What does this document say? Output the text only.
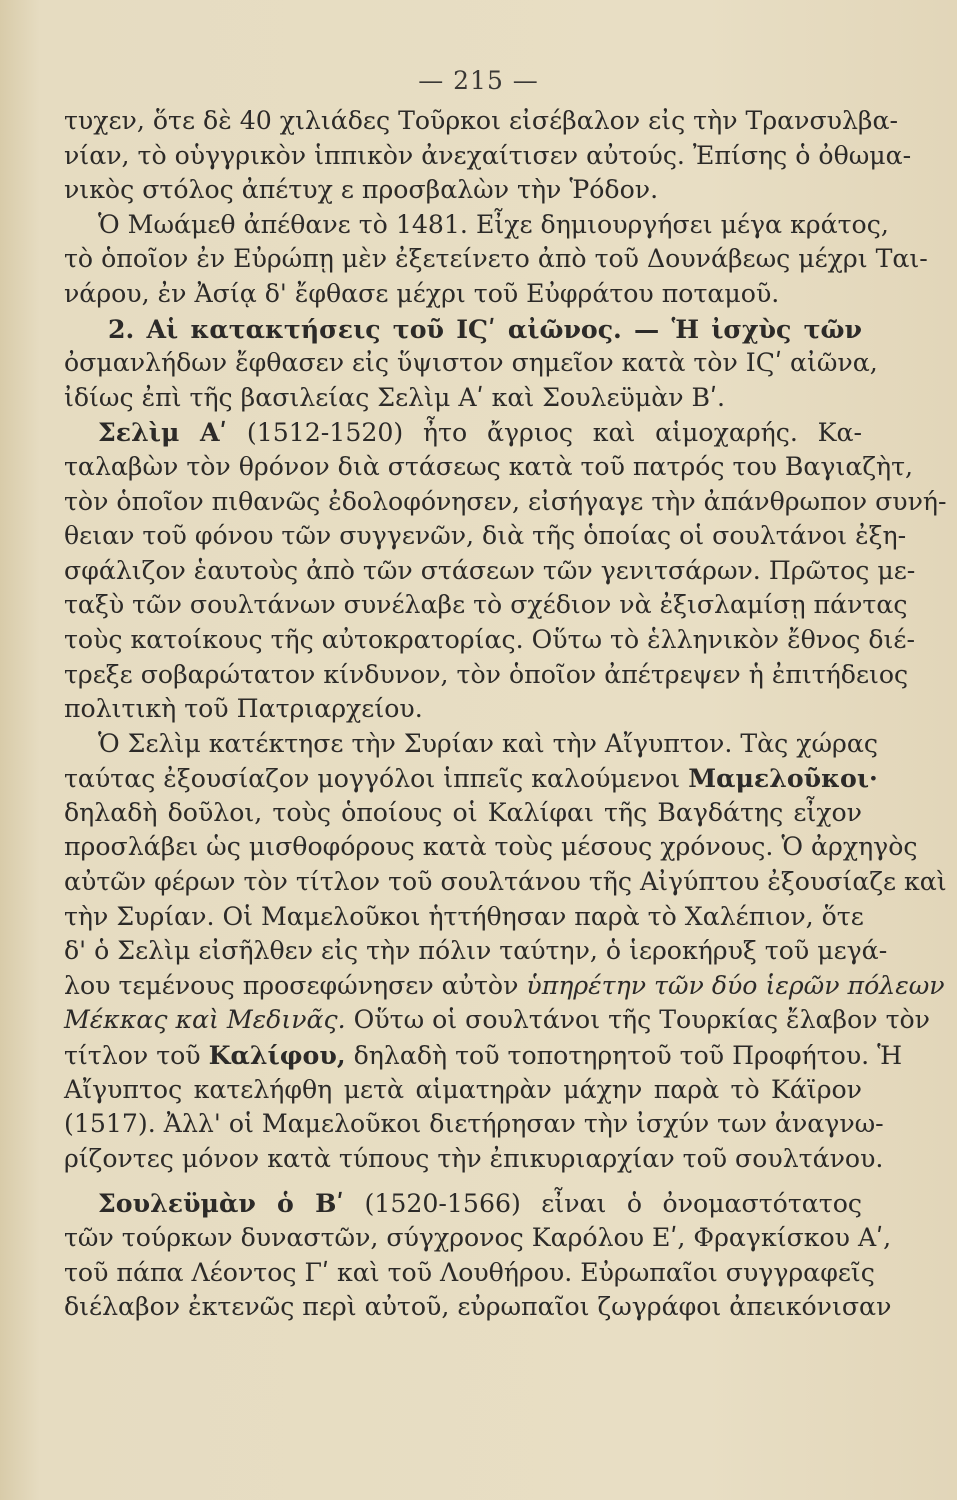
— 215 —
τυχεν, ὅτε δὲ 40 χιλιάδες Τοῦρκοι εἰσέβαλον εἰς τὴν Τρανσυλβα-
νίαν, τὸ οὑγγρικὸν ἱππικὸν ἀνεχαίτισεν αὐτούς. Ἐπίσης ὁ ὀθωμα-
νικὸς στόλος ἀπέτυχ ε προσβαλὼν τὴν Ῥόδον.
Ὁ Μωάμεθ ἀπέθανε τὸ 1481. Εἶχε δημιουργήσει μέγα κράτος,
τὸ ὁποῖον ἐν Εὐρώπῃ μὲν ἐξετείνετο ἀπὸ τοῦ Δουνάβεως μέχρι Ται-
νάρου, ἐν Ἀσίᾳ δ' ἔφθασε μέχρι τοῦ Εὐφράτου ποταμοῦ.
2. Αἱ κατακτήσεις τοῦ ΙϚʹ αἰῶνος. — Ἡ ἰσχὺς τῶν
ὀσμανλήδων ἔφθασεν εἰς ὕψιστον σημεῖον κατὰ τὸν ΙϚʹ αἰῶνα,
ἰδίως ἐπὶ τῆς βασιλείας Σελὶμ Αʹ καὶ Σουλεϋμὰν Βʹ.
Σελὶμ Αʹ (1512-1520) ἦτο ἄγριος καὶ αἱμοχαρής. Κα-
ταλαβὼν τὸν θρόνον διὰ στάσεως κατὰ τοῦ πατρός του Βαγιαζὴτ,
τὸν ὁποῖον πιθανῶς ἐδολοφόνησεν, εἰσήγαγε τὴν ἀπάνθρωπον συνή-
θειαν τοῦ φόνου τῶν συγγενῶν, διὰ τῆς ὁποίας οἱ σουλτάνοι ἐξη-
σφάλιζον ἑαυτοὺς ἀπὸ τῶν στάσεων τῶν γενιτσάρων. Πρῶτος με-
ταξὺ τῶν σουλτάνων συνέλαβε τὸ σχέδιον νὰ ἐξισλαμίσῃ πάντας
τοὺς κατοίκους τῆς αὐτοκρατορίας. Οὕτω τὸ ἑλληνικὸν ἔθνος διέ-
τρεξε σοβαρώτατον κίνδυνον, τὸν ὁποῖον ἀπέτρεψεν ἡ ἐπιτήδειος
πολιτικὴ τοῦ Πατριαρχείου.
Ὁ Σελὶμ κατέκτησε τὴν Συρίαν καὶ τὴν Αἴγυπτον. Τὰς χώρας
ταύτας ἐξουσίαζον μογγόλοι ἱππεῖς καλούμενοι Μαμελοῦκοι·
δηλαδὴ δοῦλοι, τοὺς ὁποίους οἱ Καλίφαι τῆς Βαγδάτης εἶχον
προσλάβει ὡς μισθοφόρους κατὰ τοὺς μέσους χρόνους. Ὁ ἀρχηγὸς
αὐτῶν φέρων τὸν τίτλον τοῦ σουλτάνου τῆς Αἰγύπτου ἐξουσίαζε καὶ
τὴν Συρίαν. Οἱ Μαμελοῦκοι ἡττήθησαν παρὰ τὸ Χαλέπιον, ὅτε
δ' ὁ Σελὶμ εἰσῆλθεν εἰς τὴν πόλιν ταύτην, ὁ ἱεροκήρυξ τοῦ μεγά-
λου τεμένους προσεφώνησεν αὐτὸν ὑπηρέτην τῶν δύο ἱερῶν πόλεων
Μέκκας καὶ Μεδινᾶς. Οὕτω οἱ σουλτάνοι τῆς Τουρκίας ἔλαβον τὸν
τίτλον τοῦ Καλίφου, δηλαδὴ τοῦ τοποτηρητοῦ τοῦ Προφήτου. Ἡ
Αἴγυπτος κατελήφθη μετὰ αἱματηρὰν μάχην παρὰ τὸ Κάϊρον
(1517). Ἀλλ' οἱ Μαμελοῦκοι διετήρησαν τὴν ἰσχύν των ἀναγνω-
ρίζοντες μόνον κατὰ τύπους τὴν ἐπικυριαρχίαν τοῦ σουλτάνου.
Σουλεϋμὰν ὁ Βʹ (1520-1566) εἶναι ὁ ὀνομαστότατος
τῶν τούρκων δυναστῶν, σύγχρονος Καρόλου Εʹ, Φραγκίσκου Αʹ,
τοῦ πάπα Λέοντος Γʹ καὶ τοῦ Λουθήρου. Εὐρωπαῖοι συγγραφεῖς
διέλαβον ἐκτενῶς περὶ αὐτοῦ, εὐρωπαῖοι ζωγράφοι ἀπεικόνισαν
